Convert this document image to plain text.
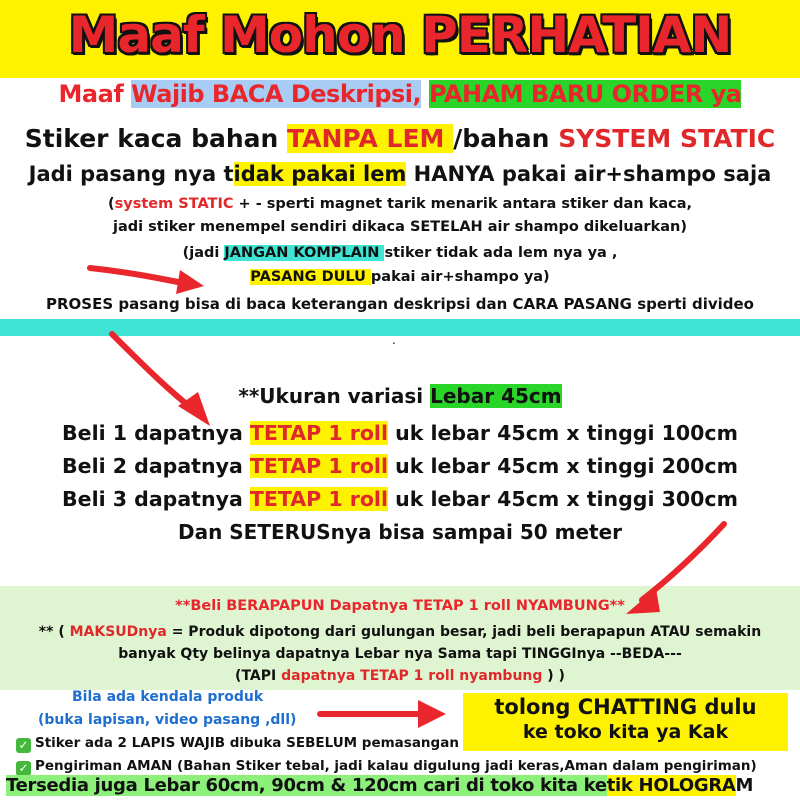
Maaf Mohon PERHATIAN
Maaf Wajib BACA Deskripsi, PAHAM BARU ORDER ya
Stiker kaca bahan TANPA LEM /bahan SYSTEM STATIC
Jadi pasang nya tidak pakai lem HANYA pakai air+shampo saja
(system STATIC + - sperti magnet tarik menarik antara stiker dan kaca,
jadi stiker menempel sendiri dikaca SETELAH air shampo dikeluarkan)
(jadi JANGAN KOMPLAIN stiker tidak ada lem nya ya ,
PASANG DULU pakai air+shampo ya)
PROSES pasang bisa di baca keterangan deskripsi dan CARA PASANG sperti divideo
.
**Ukuran variasi Lebar 45cm
Beli 1 dapatnya TETAP 1 roll uk lebar 45cm x tinggi 100cm
Beli 2 dapatnya TETAP 1 roll uk lebar 45cm x tinggi 200cm
Beli 3 dapatnya TETAP 1 roll uk lebar 45cm x tinggi 300cm
Dan SETERUSnya bisa sampai 50 meter
**Beli BERAPAPUN Dapatnya TETAP 1 roll NYAMBUNG**
** ( MAKSUDnya = Produk dipotong dari gulungan besar, jadi beli berapapun ATAU semakin
banyak Qty belinya dapatnya Lebar nya Sama tapi TINGGInya --BEDA---
(TAPI dapatnya TETAP 1 roll nyambung ) )
Bila ada kendala produk
(buka lapisan, video pasang ,dll)
tolong CHATTING dulu
ke toko kita ya Kak
✓ Stiker ada 2 LAPIS WAJIB dibuka SEBELUM pemasangan
✓ Pengiriman AMAN (Bahan Stiker tebal, jadi kalau digulung jadi keras,Aman dalam pengiriman)
Tersedia juga Lebar 60cm, 90cm & 120cm cari di toko kita ketik HOLOGRAM
